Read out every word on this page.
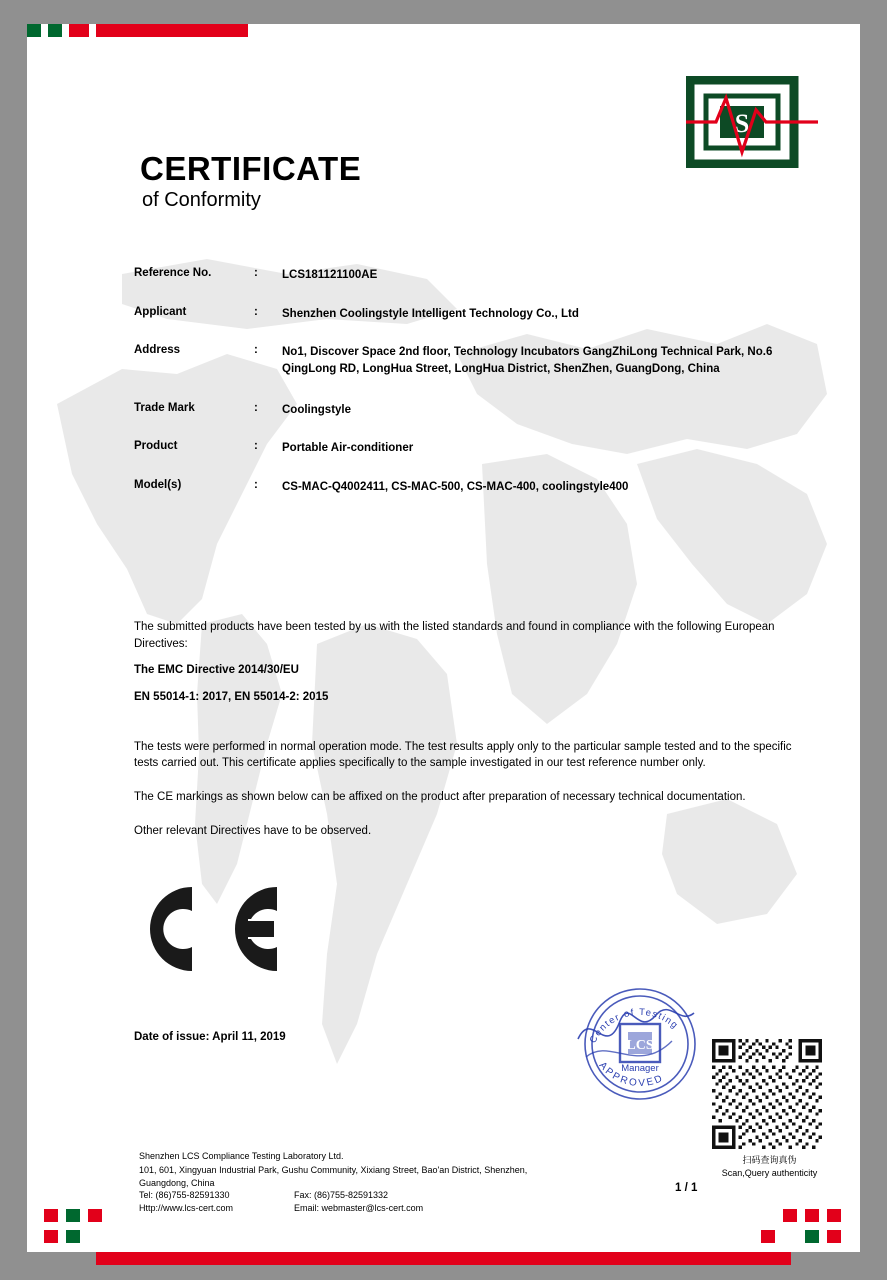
S
CERTIFICATE
of Conformity
Reference No.	:	LCS181121100AE
Applicant	:	Shenzhen Coolingstyle Intelligent Technology Co., Ltd
Address	:	No1, Discover Space 2nd floor, Technology Incubators GangZhiLong Technical Park, No.6 QingLong RD, LongHua Street, LongHua District, ShenZhen, GuangDong, China
Trade Mark	:	Coolingstyle
Product	:	Portable Air-conditioner
Model(s)	:	CS-MAC-Q4002411, CS-MAC-500, CS-MAC-400, coolingstyle400
The submitted products have been tested by us with the listed standards and found in compliance with the following European Directives:
The EMC Directive 2014/30/EU
EN 55014-1: 2017, EN 55014-2: 2015
The tests were performed in normal operation mode. The test results apply only to the particular sample tested and to the specific tests carried out. This certificate applies specifically to the sample investigated in our test reference number only.
The CE markings as shown below can be affixed on the product after preparation of necessary technical documentation.
Other relevant Directives have to be observed.
Date of issue: April 11, 2019
LCS
Center of Testing
APPROVED
Manager
扫码查询真伪
Scan,Query authenticity
Shenzhen LCS Compliance Testing Laboratory Ltd.
101, 601, Xingyuan Industrial Park, Gushu Community, Xixiang Street, Bao'an District, Shenzhen,
Guangdong, China
Tel: (86)755-82591330	Fax: (86)755-82591332
Http://www.lcs-cert.com	Email: webmaster@lcs-cert.com
1 / 1
